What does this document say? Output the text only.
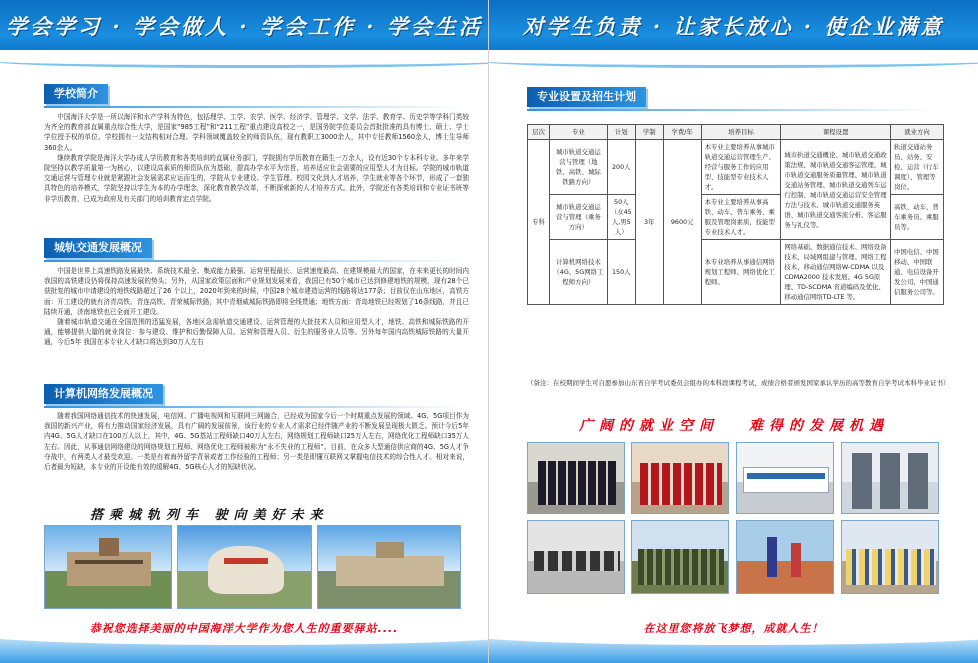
学会学习 · 学会做人 · 学会工作 · 学会生活
学校简介

中国海洋大学是一所以海洋和水产学科为特色，包括理学、工学、农学、医学、经济学、管理学、文学、法学、教育学、历史学等学科门类较为齐全的教育部直属重点综合性大学，是国家“985工程”和“211工程”重点建设高校之一，是国务院学位委员会首批批准的具有博士、硕士、学士学位授予权的单位。学校拥有一支结构相对合理、学科领域覆盖较全的师资队伍，现有教职工3000余人，其中专任教师1560余人，博士生导师360余人。

继续教育学院是海洋大学办成人学历教育和各类培训的直属业务部门，学院拥有学历教育在籍生一万余人，设有近30个专本科专业。多年来学院坚持以教学质量第一为核心，以建设高素质的师资队伍为基础，提高办学水平为宗旨，培养适应社会需要的应用型人才为目标。学院的城市轨道交通运营与管理专业就是紧跟社会发展需求应运而生的，学院从专业建设、学生管理、校园文化到人才培养，学生就业等各个环节，形成了一套独具特色的培养模式，学院坚持以学生为本的办学理念，深化教育教学改革，不断探索新的人才培养方式。此外，学院还有各类培训和专业证书班等非学历教育，已成为政府及有关部门的培训教育定点学院。

城轨交通发展概况

中国是世界上高速铁路发展最快、系统技术最全、集成能力最强、运营里程最长、运营速度最高、在建规模最大的国家，在未来更长的时间内我国的高铁建设仍将保持高速发展的势头；另外，从国家政策层面和产业规划发展来看，我国已有50个城市已达到修建地铁的规模，现有28个已获批复的城市申请建设的地铁线路超过了26 个以上，2020年到来的时候，中国28个城市建造运营的线路将达177条；目前仅在山东地区，高铁方面：开工建设的就有济青高铁、青连高铁、青荣城际铁路，其中青烟威城际铁路即将全线贯通；地铁方面：青岛地铁已经规划了16条线路，并且已陆续开通，济南地铁也已全面开工建设。

随着城市轨道交通在全国范围的迅猛发展，各地区急需轨道交通建设、运营管理的大批技术人员和应用型人才，地铁、高铁和城际铁路的开通，能够提供大量的就业岗位：参与建设、维护和后勤保障人员、运营和管理人员、衍生的服务业人员等。另外每年国内高铁城际铁路的大量开通，今后5年 我国在本专业人才缺口将达到30万人左右

计算机网络发展概况

随着我国网络通信技术的快速发展，电信网、广播电视网和互联网三网融合，已经成为国家今后一个时期重点发展的领域。4G、5G项目作为我国的新兴产业，将有力推动国家经济发展，具有广阔的发展前景，该行业的专业人才需求已经伴随产业的不断发展呈现极大匮乏。预计今后5年内4G、5G人才缺口在100万人以上，其中，4G、5G基站工程师缺口40万人左右，网络规划工程师缺口25万人左右，网络优化工程师缺口35万人左右。因此，从事通信网络建设的网络规划工程师、网络优化工程师被称为“永不失业的工程师”。目前，在众多大型通信供应商的4G、5G人才争夺战中，有两类人才最受欢迎。一类是有着海外留学背景或者工作经验的工程师；另一类是即懂互联网又掌握电信技术的综合性人才。相对来说，后者最为短缺，本专业的开设能有效的缓解4G、5G核心人才的短缺状况。

搭乘城轨列车 驶向美好未来
恭祝您选择美丽的中国海洋大学作为您人生的重要驿站....
对学生负责 · 让家长放心 · 使企业满意
专业设置及招生计划
（备注：在校期间学生可自愿参加山东省自学考试委员会组办的本科段课程考试，成绩合格者颁发国家承认学历的高等教育自学考试本科毕业证书）
广阔的就业空间 难得的发展机遇
在这里您将放飞梦想，成就人生！
层次	专业	计划	学制	学费/年	培养目标	课程设置	就业方向
专科	城市轨道交通运营与管理（地铁、高铁、城际铁路方向）	200人	3年	9600元	本专业主要培养从事城市轨道交通运营管理生产、经营与服务工作的应用型、技能型专业技术人才。	城市轨道交通概论、城市轨道交通政策法规、城市轨道交通客运管理、城市轨道交通服务质量管理、城市轨道交通站务管理、城市轨道交通列车运行控制、城市轨道交通运营安全管理方法与技术、城市轨道交通服务英语、城市轨道交通客流分析、客运服务与礼仪等。	轨道交通站务员、站务、安检、运营（行车调度）、管理等岗位。
	城市轨道交通运营与管理（乘务方向）	50人（女45人,男5人）			本专业主要培养从事高铁、动车、普车乘务、乘服及管理岗素质，技能型专业技术人才。		高铁、动车、普车乘务员、乘服员等。
	计算机网络技术（4G、5G网络工程师方向）	150人			本专业培养从事通信网络规划工程师、网络优化工程师。	网络基础、数据通信技术、网络设备技术、局域网组建与管理、网络工程技术、移动通信网络W-CDMA 以及CDMA2000 技术发展、4G 5G原理、TD-SCDMA 省道编码及优化、移动通信网络TD-LTE 等。	中国电信、中国移动、中国联通、电信设备开发公司、中国通信服务公司等。
